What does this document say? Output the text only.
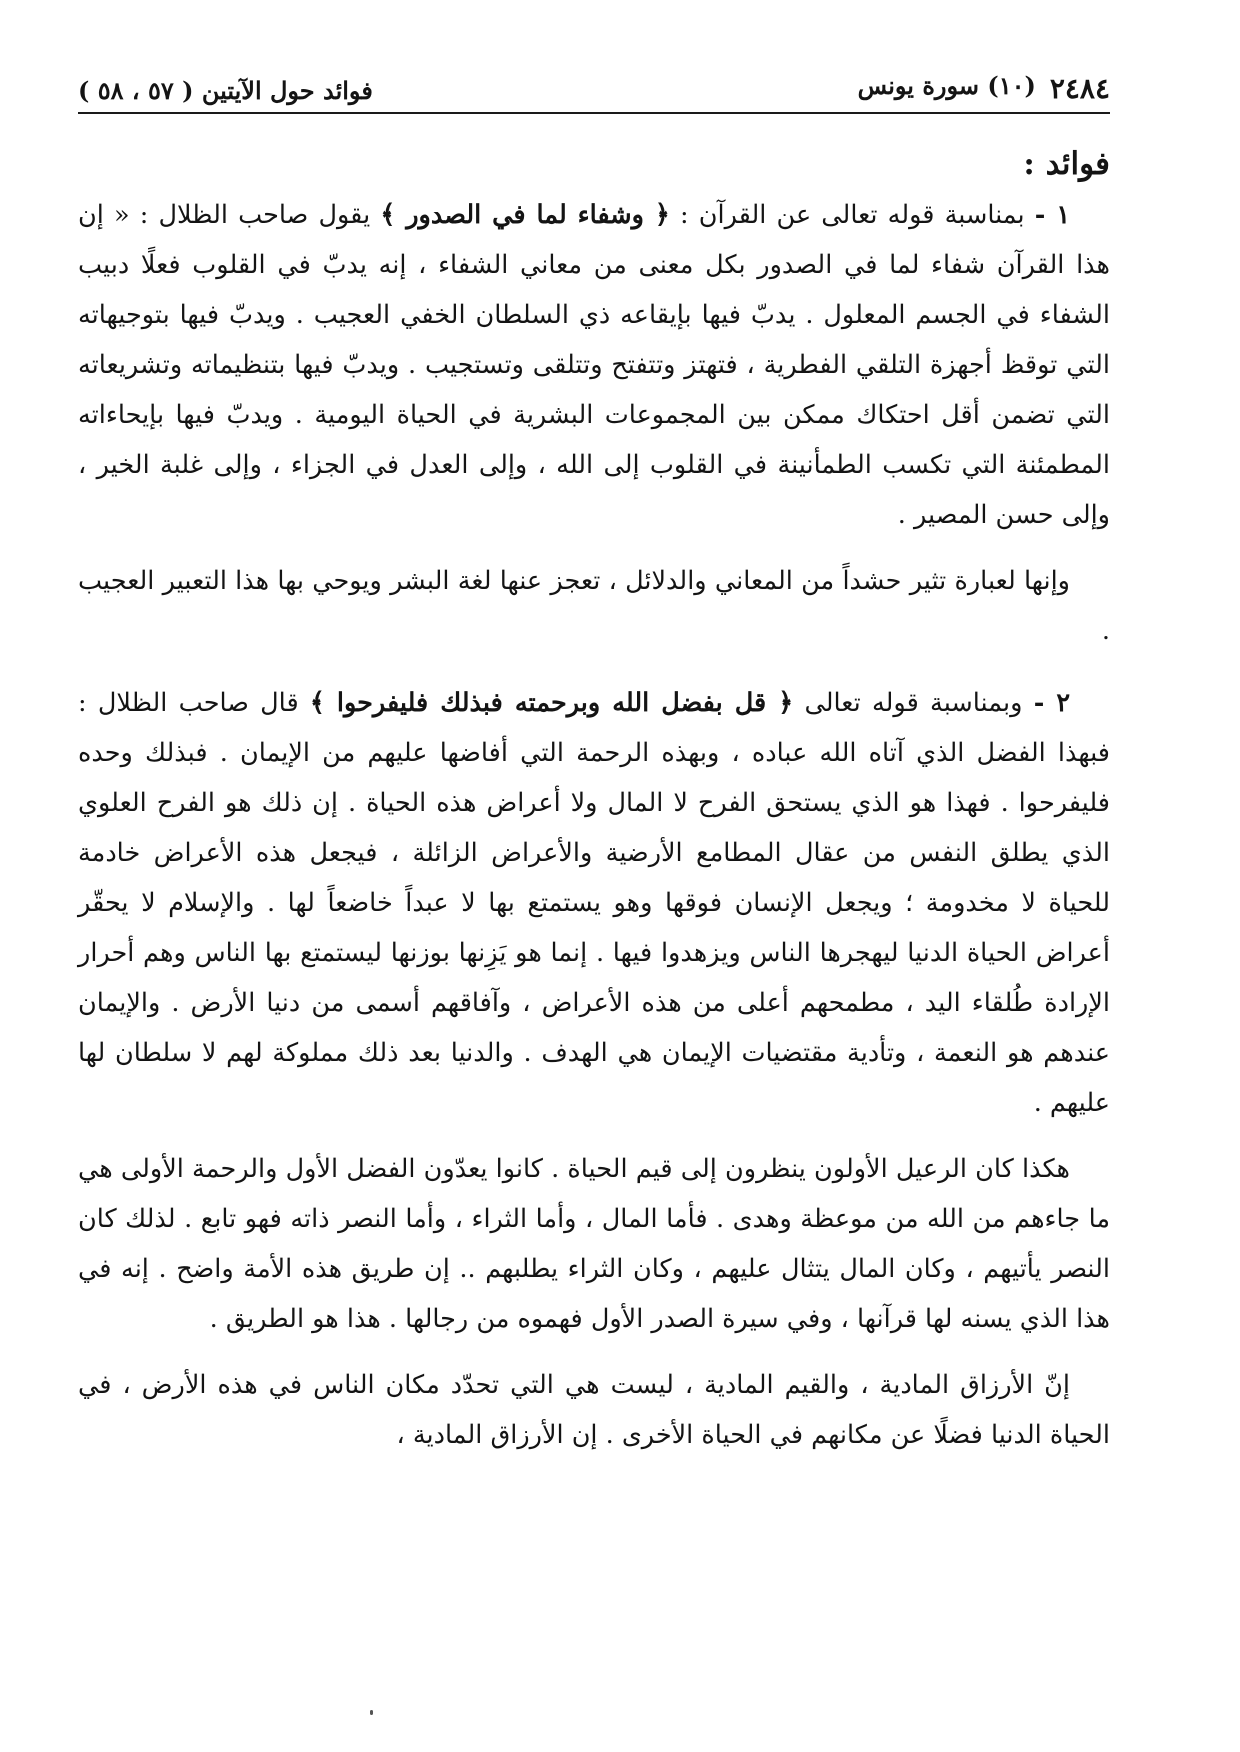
٢٤٨٤
(١٠) سورة يونس
فوائد حول الآيتين ( ٥٧ ، ٥٨ )
فوائد :

١ - بمناسبة قوله تعالى عن القرآن : ﴿ وشفاء لما في الصدور ﴾ يقول صاحب الظلال : « إن هذا القرآن شفاء لما في الصدور بكل معنى من معاني الشفاء ، إنه يدبّ في القلوب فعلًا دبيب الشفاء في الجسم المعلول . يدبّ فيها بإيقاعه ذي السلطان الخفي العجيب . ويدبّ فيها بتوجيهاته التي توقظ أجهزة التلقي الفطرية ، فتهتز وتتفتح وتتلقى وتستجيب . ويدبّ فيها بتنظيماته وتشريعاته التي تضمن أقل احتكاك ممكن بين المجموعات البشرية في الحياة اليومية . ويدبّ فيها بإيحاءاته المطمئنة التي تكسب الطمأنينة في القلوب إلى الله ، وإلى العدل في الجزاء ، وإلى غلبة الخير ، وإلى حسن المصير .

وإنها لعبارة تثير حشداً من المعاني والدلائل ، تعجز عنها لغة البشر ويوحي بها هذا التعبير العجيب .

٢ - وبمناسبة قوله تعالى ﴿ قل بفضل الله وبرحمته فبذلك فليفرحوا ﴾ قال صاحب الظلال : فبهذا الفضل الذي آتاه الله عباده ، وبهذه الرحمة التي أفاضها عليهم من الإيمان . فبذلك وحده فليفرحوا . فهذا هو الذي يستحق الفرح لا المال ولا أعراض هذه الحياة . إن ذلك هو الفرح العلوي الذي يطلق النفس من عقال المطامع الأرضية والأعراض الزائلة ، فيجعل هذه الأعراض خادمة للحياة لا مخدومة ؛ ويجعل الإنسان فوقها وهو يستمتع بها لا عبداً خاضعاً لها . والإسلام لا يحقّر أعراض الحياة الدنيا ليهجرها الناس ويزهدوا فيها . إنما هو يَزِنها بوزنها ليستمتع بها الناس وهم أحرار الإرادة طُلقاء اليد ، مطمحهم أعلى من هذه الأعراض ، وآفاقهم أسمى من دنيا الأرض . والإيمان عندهم هو النعمة ، وتأدية مقتضيات الإيمان هي الهدف . والدنيا بعد ذلك مملوكة لهم لا سلطان لها عليهم .

هكذا كان الرعيل الأولون ينظرون إلى قيم الحياة . كانوا يعدّون الفضل الأول والرحمة الأولى هي ما جاءهم من الله من موعظة وهدى . فأما المال ، وأما الثراء ، وأما النصر ذاته فهو تابع . لذلك كان النصر يأتيهم ، وكان المال يتثال عليهم ، وكان الثراء يطلبهم .. إن طريق هذه الأمة واضح . إنه في هذا الذي يسنه لها قرآنها ، وفي سيرة الصدر الأول فهموه من رجالها . هذا هو الطريق .

إنّ الأرزاق المادية ، والقيم المادية ، ليست هي التي تحدّد مكان الناس في هذه الأرض ، في الحياة الدنيا فضلًا عن مكانهم في الحياة الأخرى . إن الأرزاق المادية ،
